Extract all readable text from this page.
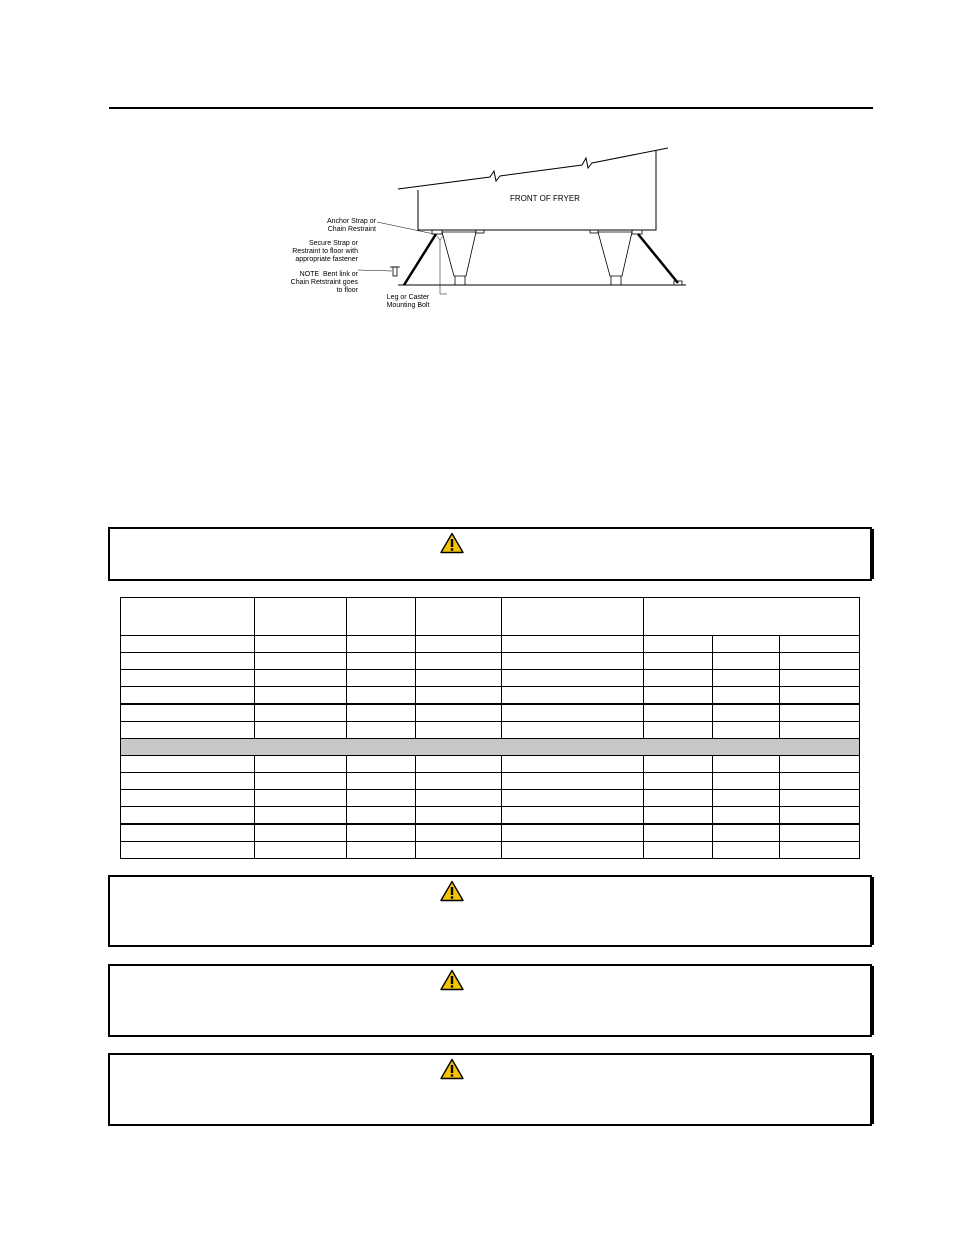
FRONT OF FRYER
Anchor Strap or
Chain Restraint
Secure Strap or
Restraint to floor with
appropriate fastener
NOTE  Bent link or
Chain Retstraint goes
to floor
Leg or Caster
Mounting Bolt
